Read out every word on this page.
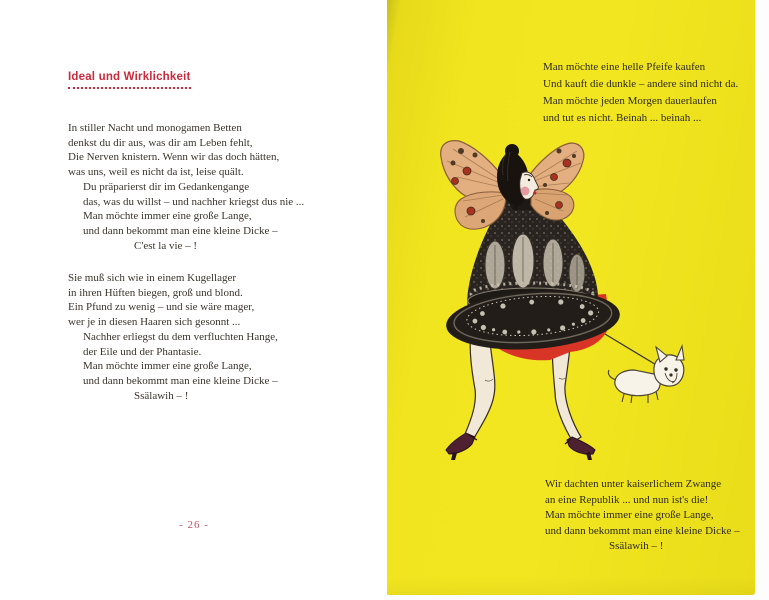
Ideal und Wirklichkeit
In stiller Nacht und monogamen Betten
denkst du dir aus, was dir am Leben fehlt,
Die Nerven knistern. Wenn wir das doch hätten,
was uns, weil es nicht da ist, leise quält.
Du präparierst dir im Gedankengange
das, was du willst – und nachher kriegst dus nie ...
Man möchte immer eine große Lange,
und dann bekommt man eine kleine Dicke –
C'est la vie – !
Sie muß sich wie in einem Kugellager
in ihren Hüften biegen, groß und blond.
Ein Pfund zu wenig – und sie wäre mager,
wer je in diesen Haaren sich gesonnt ...
Nachher erliegst du dem verfluchten Hange,
der Eile und der Phantasie.
Man möchte immer eine große Lange,
und dann bekommt man eine kleine Dicke –
Ssälawih – !
- 26 -
Man möchte eine helle Pfeife kaufen
Und kauft die dunkle – andere sind nicht da.
Man möchte jeden Morgen dauerlaufen
und tut es nicht. Beinah ... beinah ...
Wir dachten unter kaiserlichem Zwange
an eine Republik ... und nun ist's die!
Man möchte immer eine große Lange,
und dann bekommt man eine kleine Dicke –
Ssälawih – !
